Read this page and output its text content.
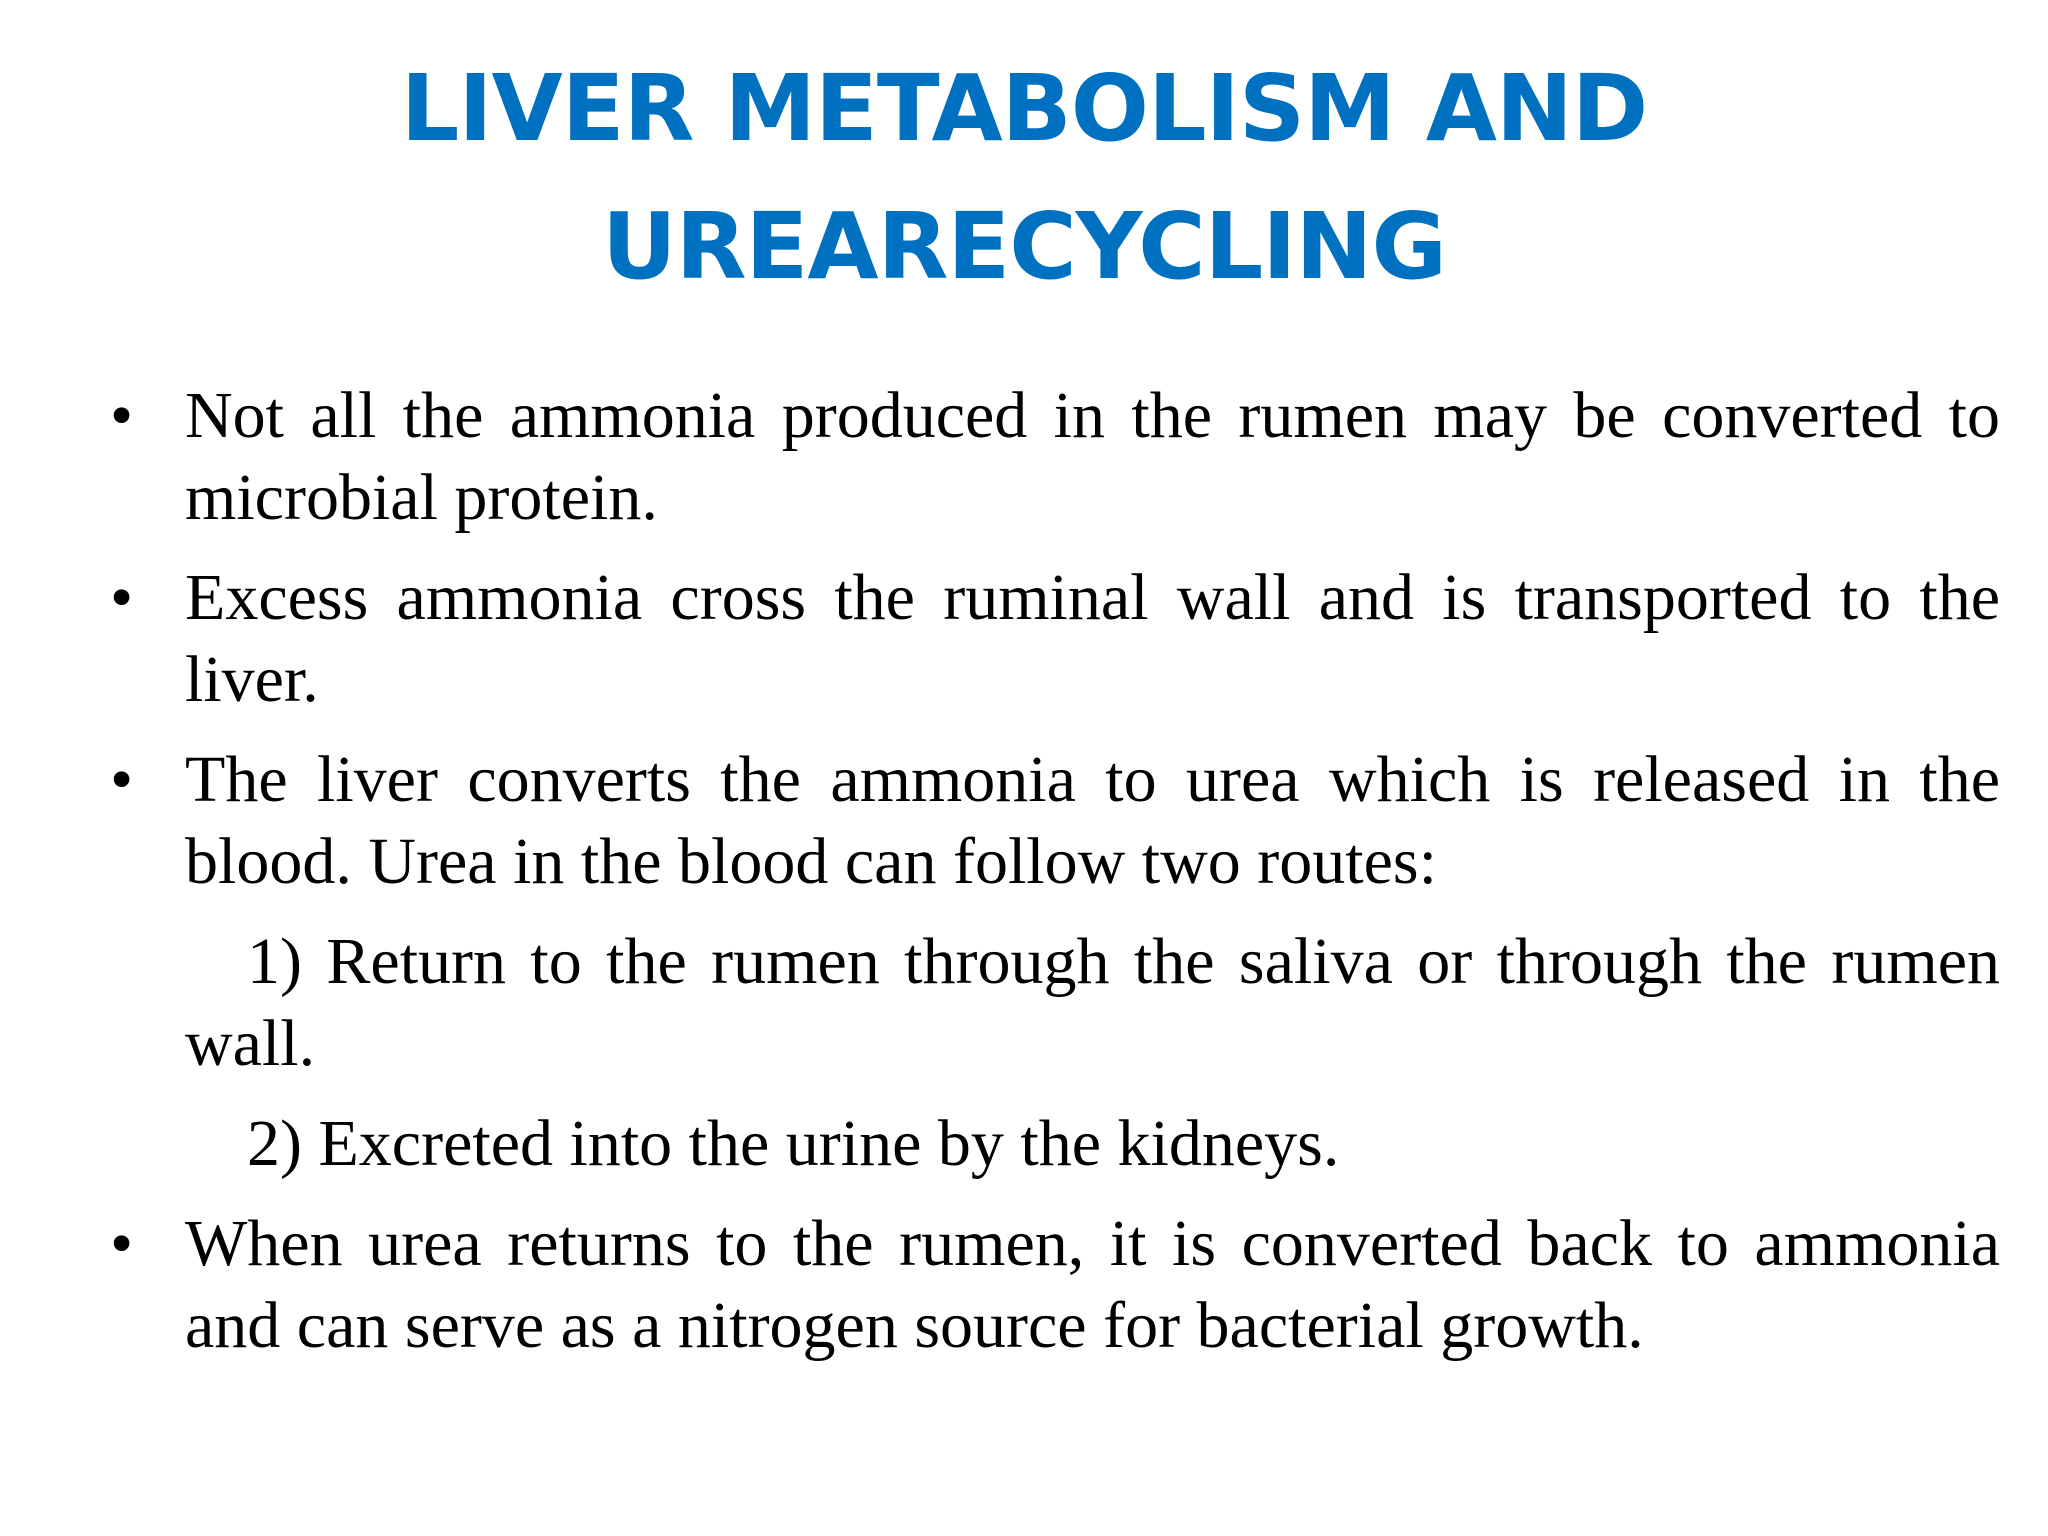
LIVER METABOLISM AND
UREARECYCLING
• Not all the ammonia produced in the rumen may be converted to microbial protein.
• Excess ammonia cross the ruminal wall and is transported to the liver.
• The liver converts the ammonia to urea which is released in the blood. Urea in the blood can follow two routes:
1) Return to the rumen through the saliva or through the rumen wall.
2) Excreted into the urine by the kidneys.
• When urea returns to the rumen, it is converted back to ammonia and can serve as a nitrogen source for bacterial growth.
